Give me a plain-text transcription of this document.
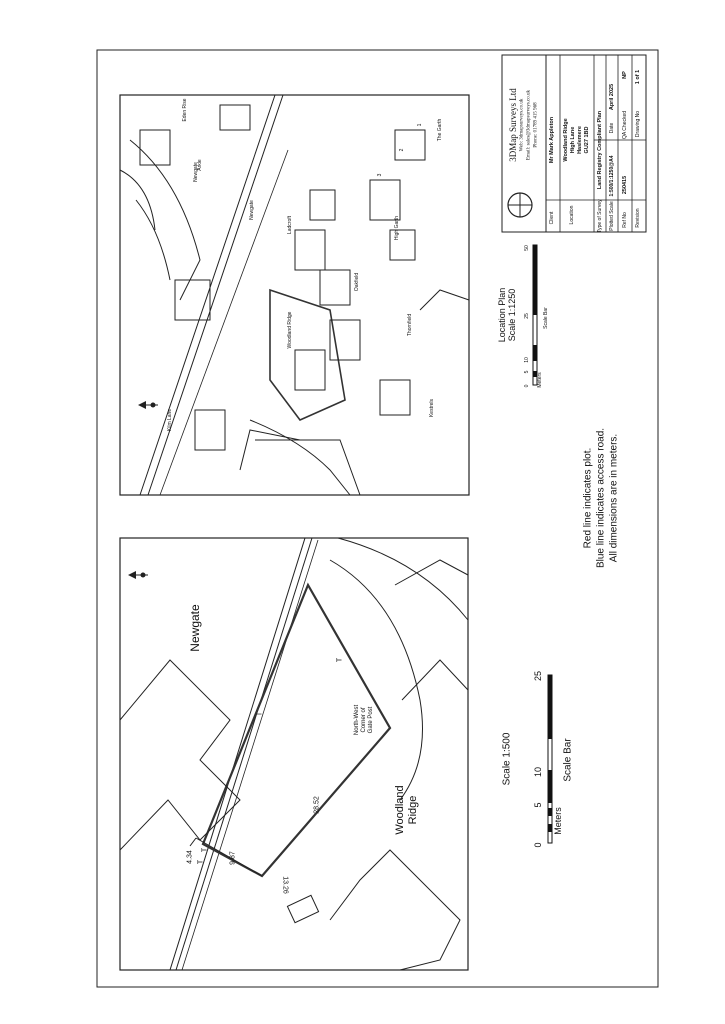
Newgate
Woodland Ridge
North-West Corner of Gate Post
4.34	9.87
28.52
13.26
I
T
T
T
Scale 1:500	Scale Bar
Meters
0
5
10
25
Kilm Lane
Newgate
Newgate
Woodland Ridge
Ladcroft
Oakfield
Thornfield
Kestrels
High Garth
The Garth
Arkle
Eden Rise
1
2
3
Location Plan Scale 1:1250
0
5
10
25
50
Meters
Scale Bar
Red line indicates plot. Blue line indicates access road. All dimensions are in meters.
3DMap Surveys Ltd Web: 3dmapsurveys.co.uk Email: sales@3dmapsurveys.co.uk Phone: 01789 415 968
Client
Mr Mark Appleton
Location
Woodland Ridge High Lane Haslemere GU27 1BD
Type of Survey
Land Registry Compliant Plan
Plotted Scale
1:500/1:1250@A4
Date
April 2025
Ref No
250415
QA Checked
NP
Revision
Drawing No
1 of 1
